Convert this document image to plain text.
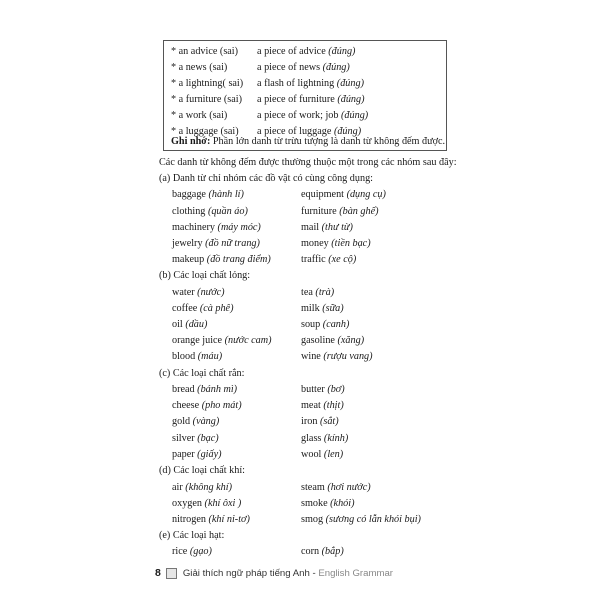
* an advice (sai) a piece of advice (đúng)
* a news (sai)	a piece of news (đúng)
* a lightning( sai) a flash of lightning (đúng)
* a furniture (sai) a piece of furniture (đúng)
* a work (sai)	a piece of work; job (đúng)
* a luggage (sai) a piece of luggage (đúng)
Ghi nhớ: Phần lớn danh từ trừu tượng là danh từ không đếm được.
Các danh từ không đếm được thường thuộc một trong các nhóm sau đây:
(a) Danh từ chỉ nhóm các đồ vật có cùng công dụng:
baggage (hành lí)	equipment (dụng cụ)
clothing (quần áo)	furniture (bàn ghế)
machinery (máy móc)	mail (thư từ)
jewelry (đồ nữ trang)	money (tiền bạc)
makeup (đồ trang điểm)	traffic (xe cộ)
(b) Các loại chất lỏng:
water (nước)	tea (trà)
coffee (cà phê)	milk (sữa)
oil (dầu)	soup (canh)
orange juice (nước cam)	gasoline (xăng)
blood (máu)	wine (rượu vang)
(c) Các loại chất rắn:
bread (bánh mì)	butter (bơ)
cheese (pho mát)	meat (thịt)
gold (vàng)	iron (sắt)
silver (bạc)	glass (kính)
paper (giấy)	wool (len)
(d) Các loại chất khí:
air (không khí)	steam (hơi nước)
oxygen (khí ôxi )	smoke (khói)
nitrogen (khí ni-tơ)	smog (sương có lẫn khói bụi)
(e) Các loại hạt:
rice (gạo)	corn (bắp)
8 Giải thích ngữ pháp tiếng Anh - English Grammar
